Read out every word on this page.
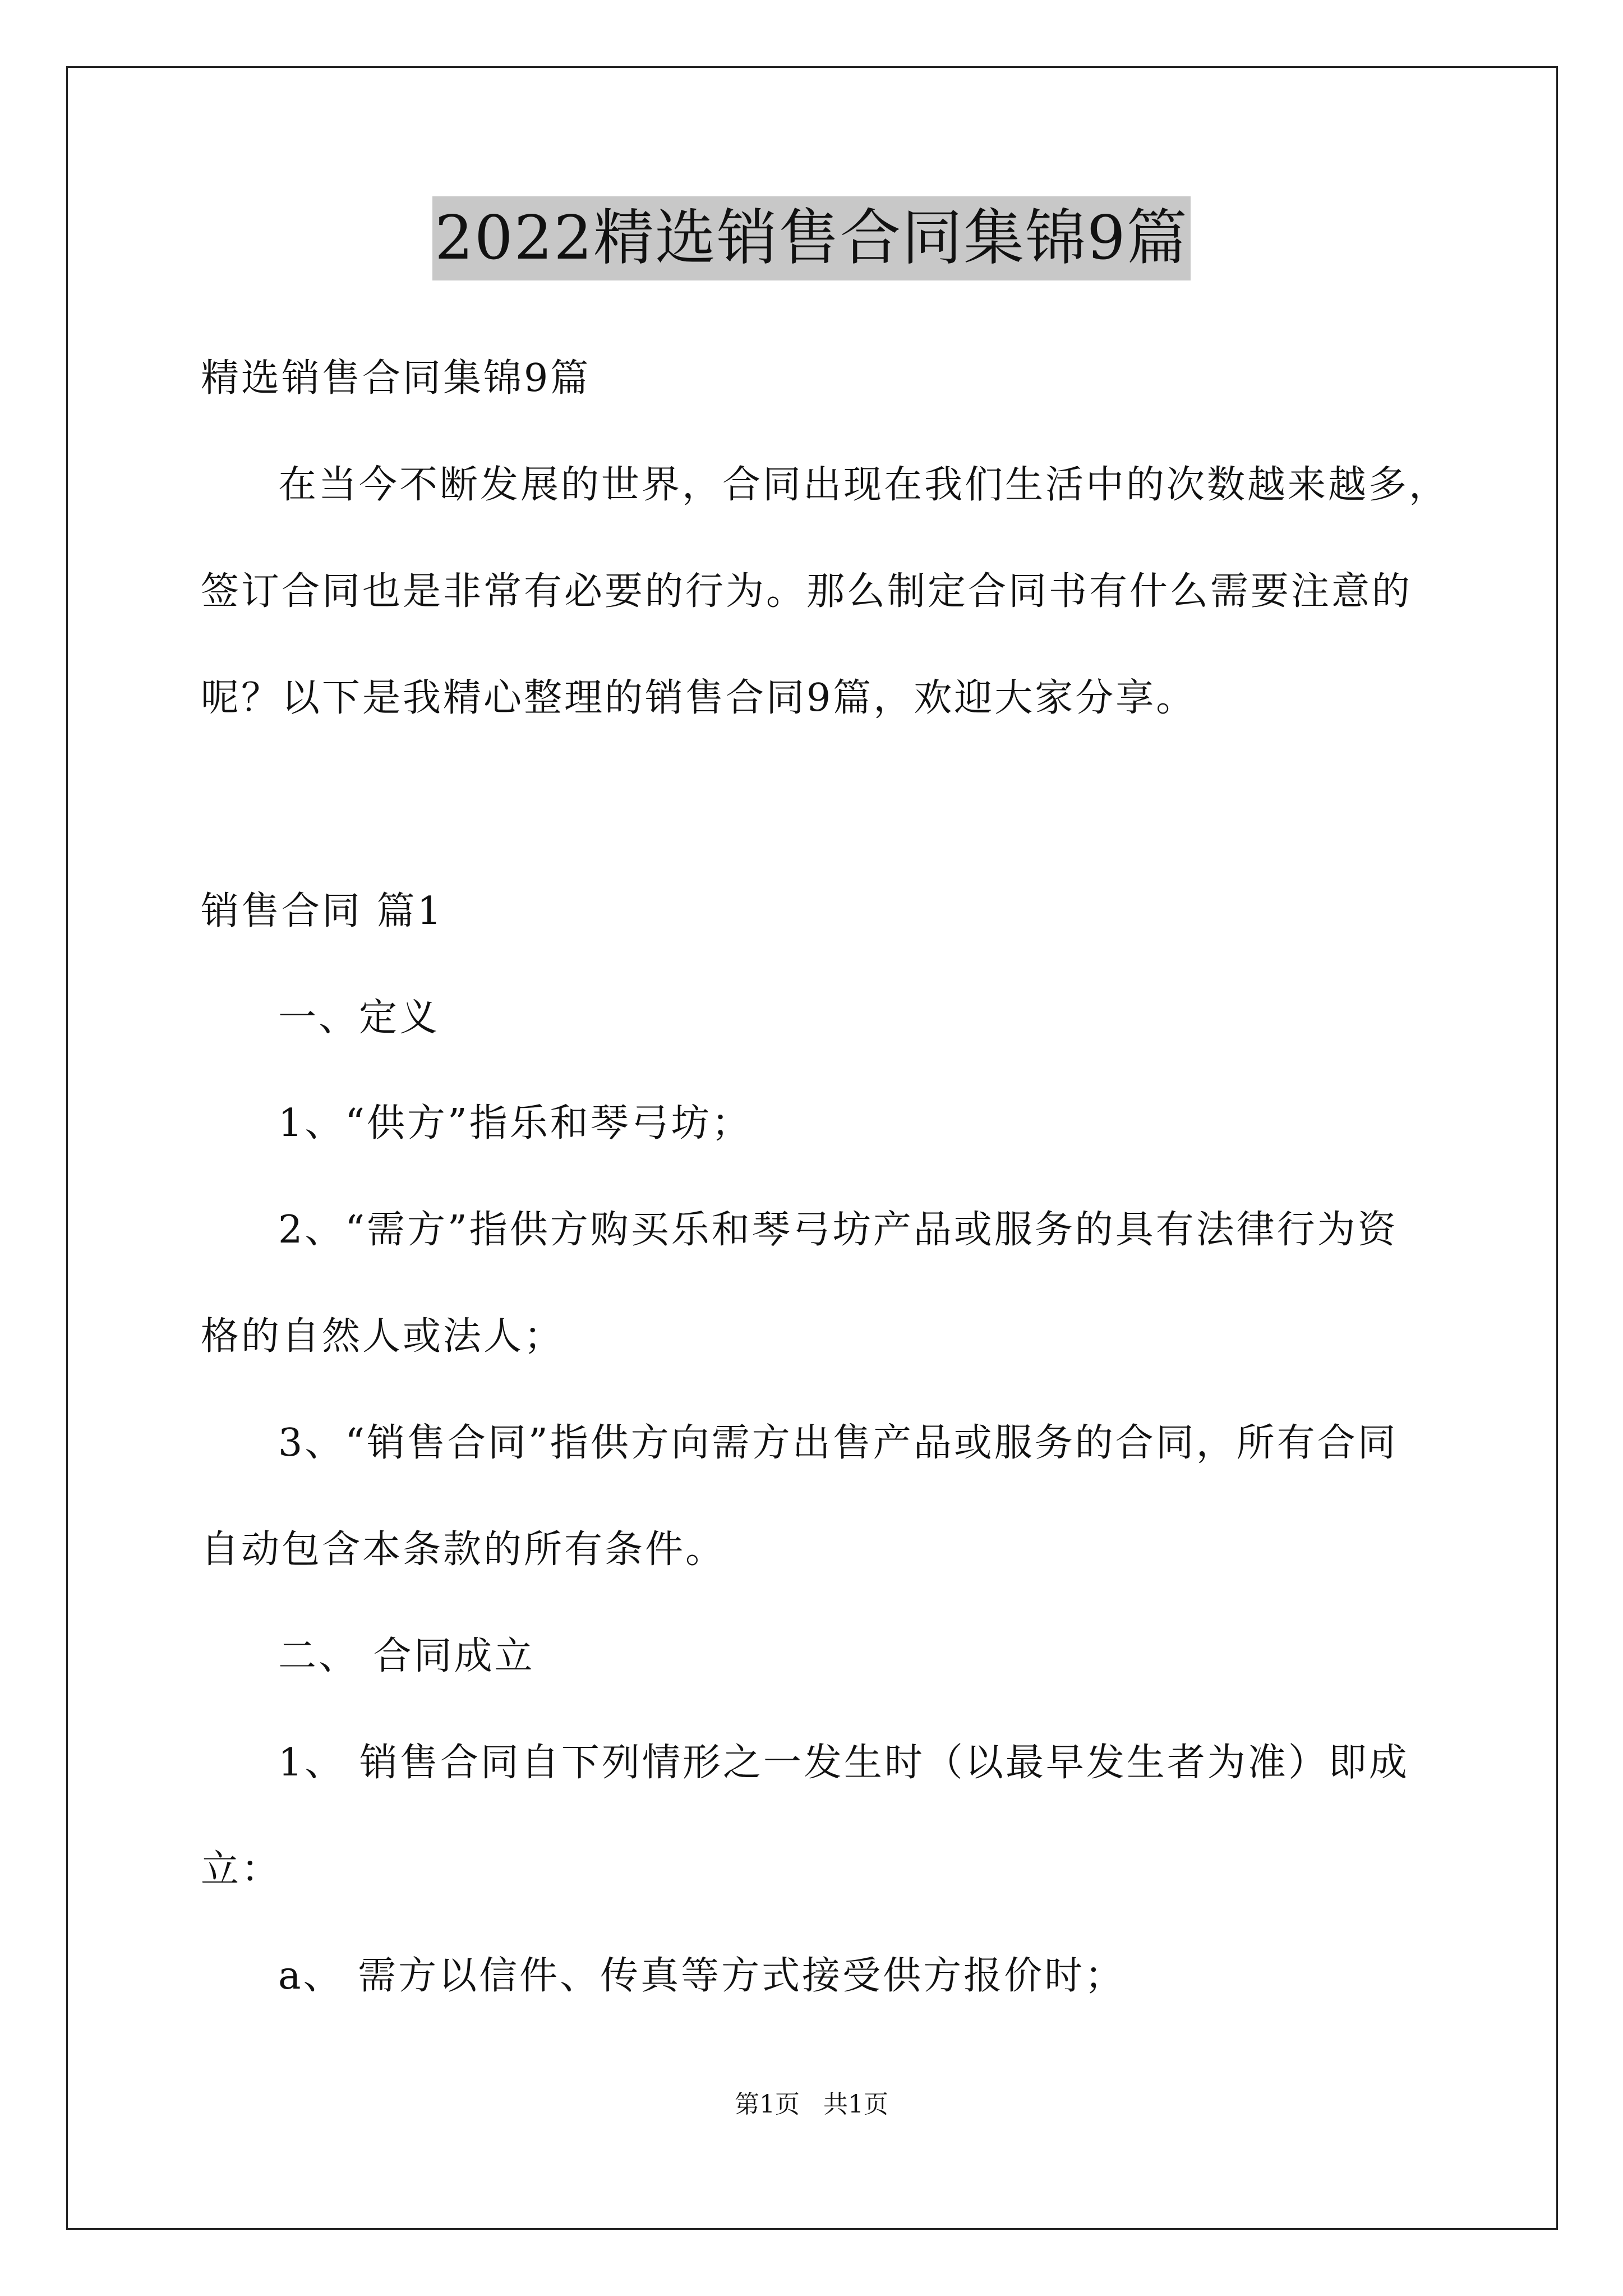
2022精选销售合同集锦9篇
精选销售合同集锦9篇
在当今不断发展的世界，合同出现在我们生活中的次数越来越多，
签订合同也是非常有必要的行为。那么制定合同书有什么需要注意的
呢？以下是我精心整理的销售合同9篇，欢迎大家分享。
销售合同 篇1
一、定义
1、“供方”指乐和琴弓坊；
2、“需方”指供方购买乐和琴弓坊产品或服务的具有法律行为资
格的自然人或法人；
3、“销售合同”指供方向需方出售产品或服务的合同，所有合同
自动包含本条款的所有条件。
二、 合同成立
1、 销售合同自下列情形之一发生时（以最早发生者为准）即成
立：
a、 需方以信件、传真等方式接受供方报价时；
第1页   共1页
